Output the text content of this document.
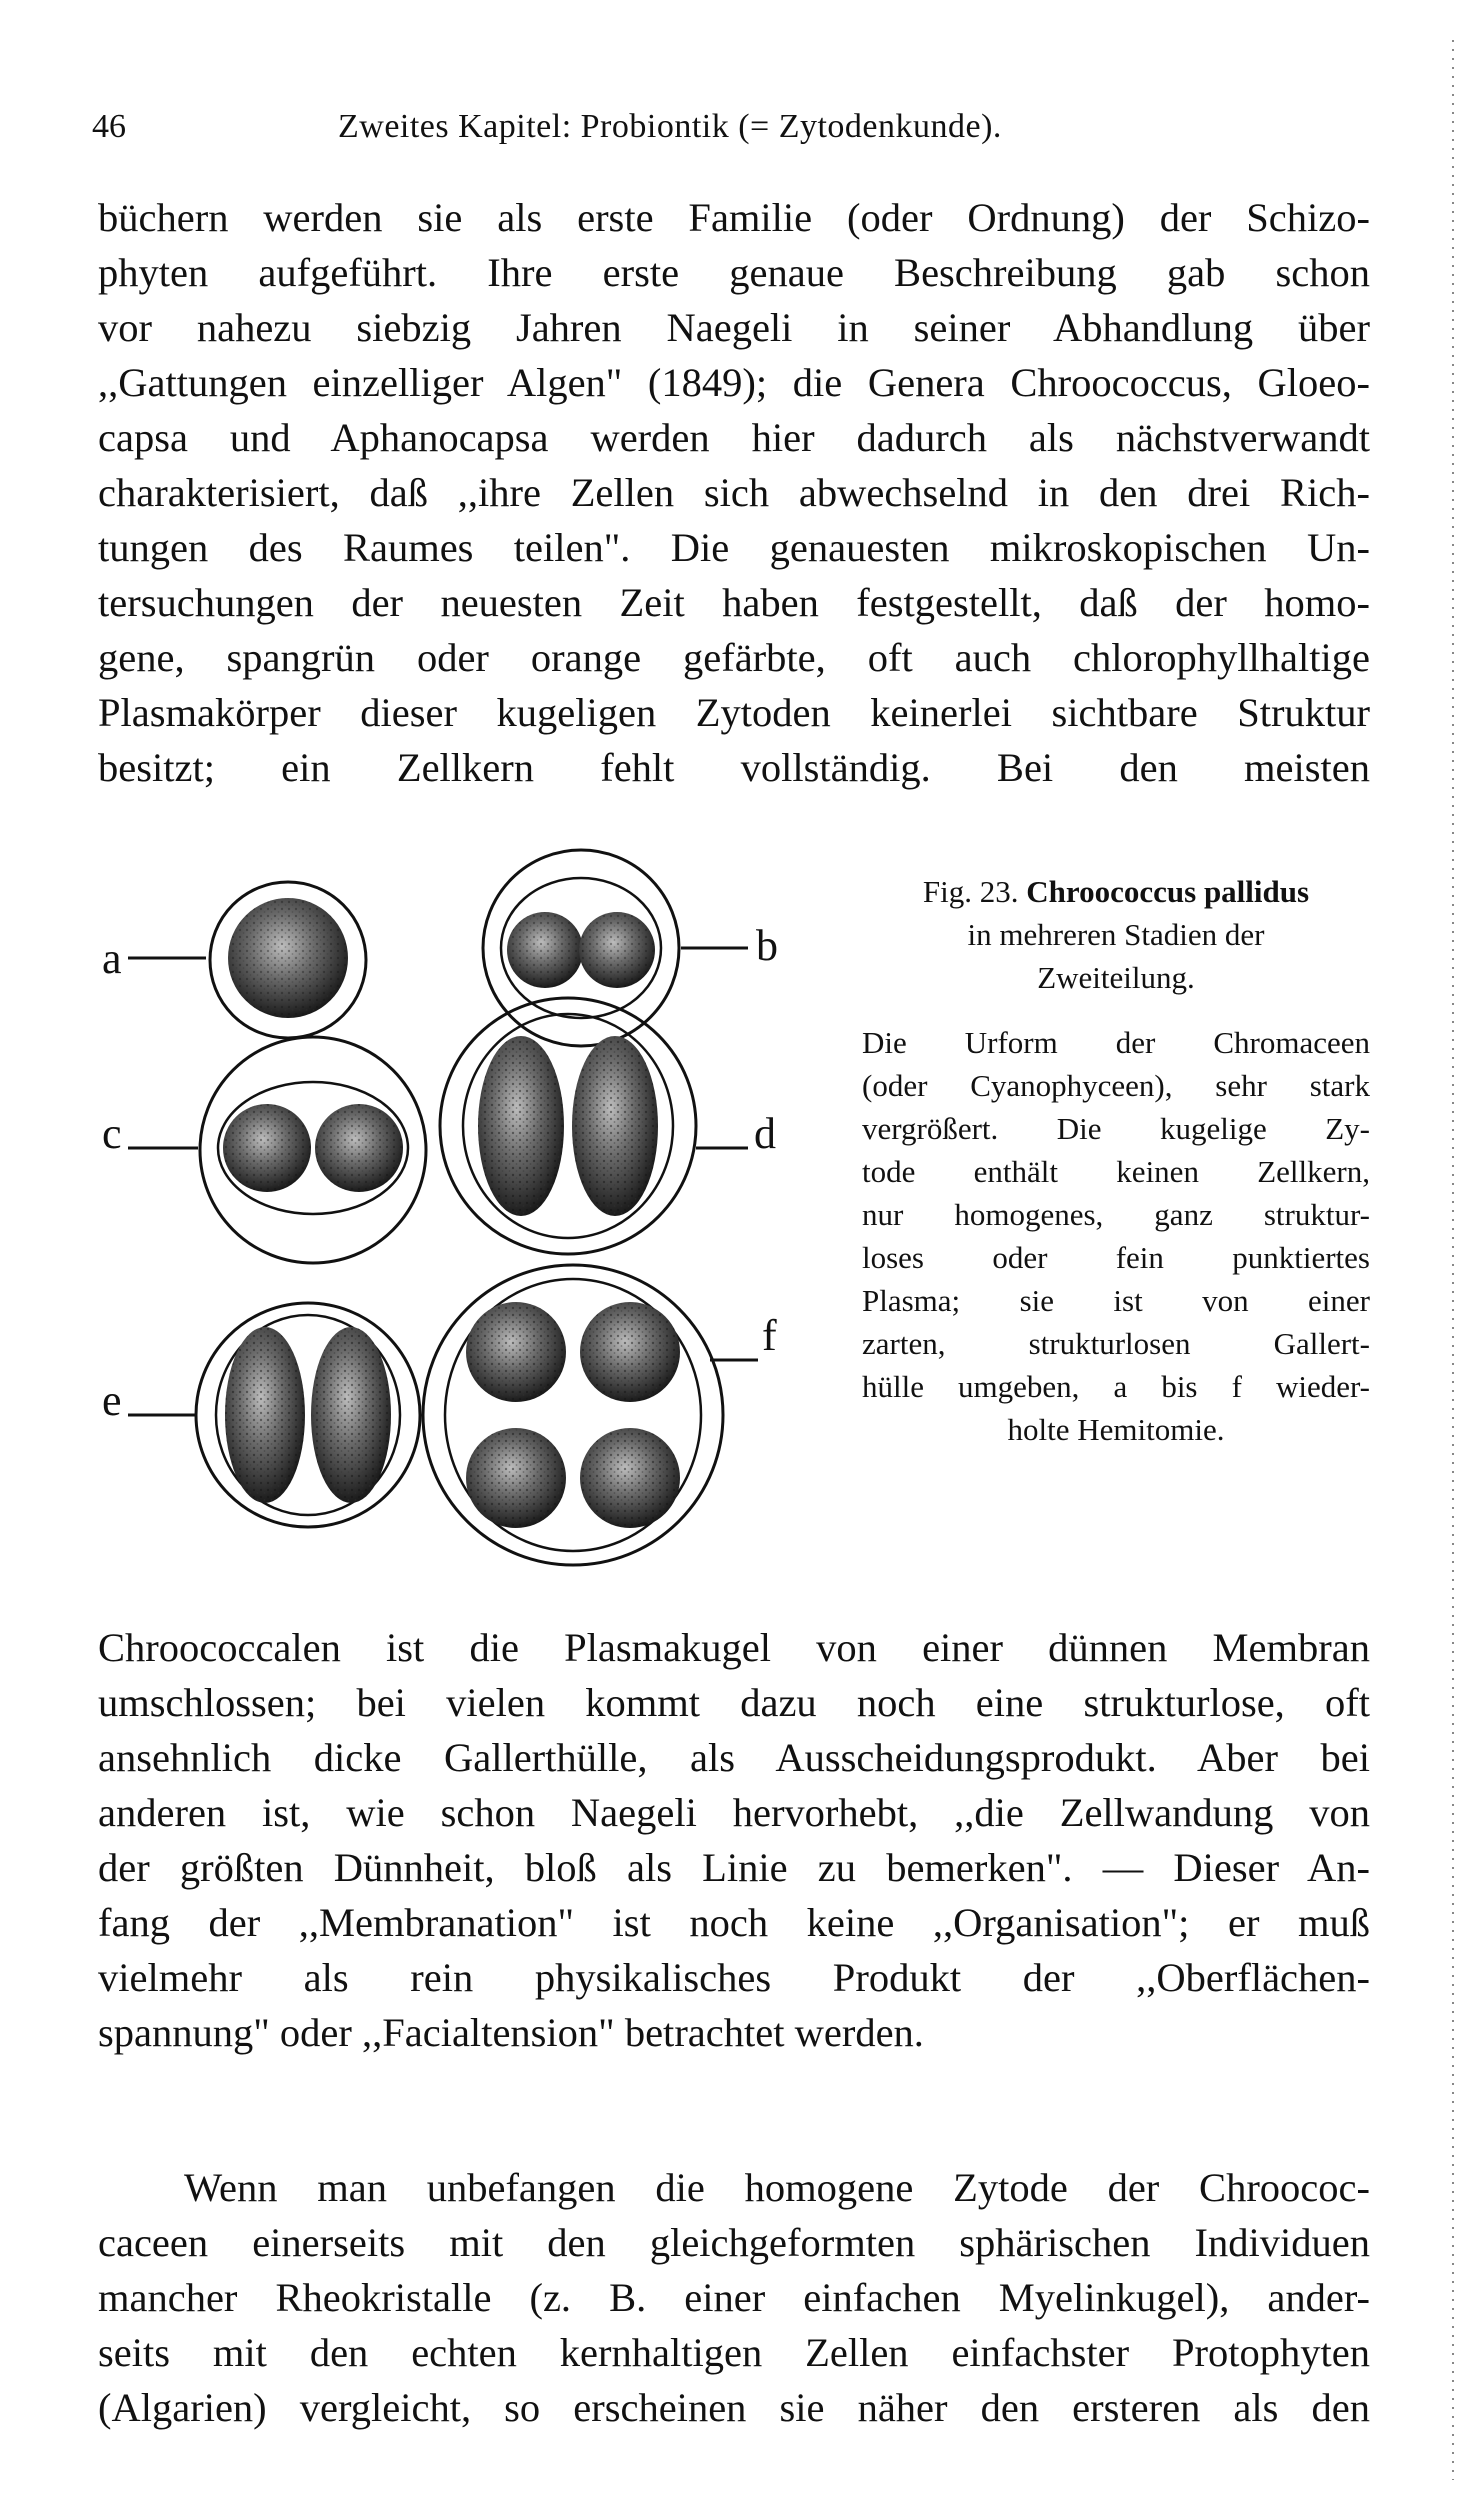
46	Zweites Kapitel: Probiontik (= Zytodenkunde).
büchern werden sie als erste Familie (oder Ordnung) der Schizo-
phyten aufgeführt. Ihre erste genaue Beschreibung gab schon
vor nahezu siebzig Jahren Naegeli in seiner Abhandlung über
,,Gattungen einzelliger Algen" (1849); die Genera Chroococcus, Gloeo-
capsa und Aphanocapsa werden hier dadurch als nächstverwandt
charakterisiert, daß ,,ihre Zellen sich abwechselnd in den drei Rich-
tungen des Raumes teilen". Die genauesten mikroskopischen Un-
tersuchungen der neuesten Zeit haben festgestellt, daß der homo-
gene, spangrün oder orange gefärbte, oft auch chlorophyllhaltige
Plasmakörper dieser kugeligen Zytoden keinerlei sichtbare Struktur
besitzt; ein Zellkern fehlt vollständig. Bei den meisten
a	b
c	d
e
f
Fig. 23. Chroococcus pallidus
in mehreren Stadien der
Zweiteilung.
Die Urform der Chromaceen
(oder Cyanophyceen), sehr stark
vergrößert. Die kugelige Zy-
tode enthält keinen Zellkern,
nur homogenes, ganz struktur-
loses oder fein punktiertes
Plasma; sie ist von einer
zarten, strukturlosen Gallert-
hülle umgeben, a bis f wieder-
holte Hemitomie.
Chroococcalen ist die Plasmakugel von einer dünnen Membran
umschlossen; bei vielen kommt dazu noch eine strukturlose, oft
ansehnlich dicke Gallerthülle, als Ausscheidungsprodukt. Aber bei
anderen ist, wie schon Naegeli hervorhebt, ,,die Zellwandung von
der größten Dünnheit, bloß als Linie zu bemerken". — Dieser An-
fang der ,,Membranation" ist noch keine ,,Organisation"; er muß
vielmehr als rein physikalisches Produkt der ,,Oberflächen-
spannung" oder ,,Facialtension" betrachtet werden.
Wenn man unbefangen die homogene Zytode der Chroococ-
caceen einerseits mit den gleichgeformten sphärischen Individuen
mancher Rheokristalle (z. B. einer einfachen Myelinkugel), ander-
seits mit den echten kernhaltigen Zellen einfachster Protophyten
(Algarien) vergleicht, so erscheinen sie näher den ersteren als den
